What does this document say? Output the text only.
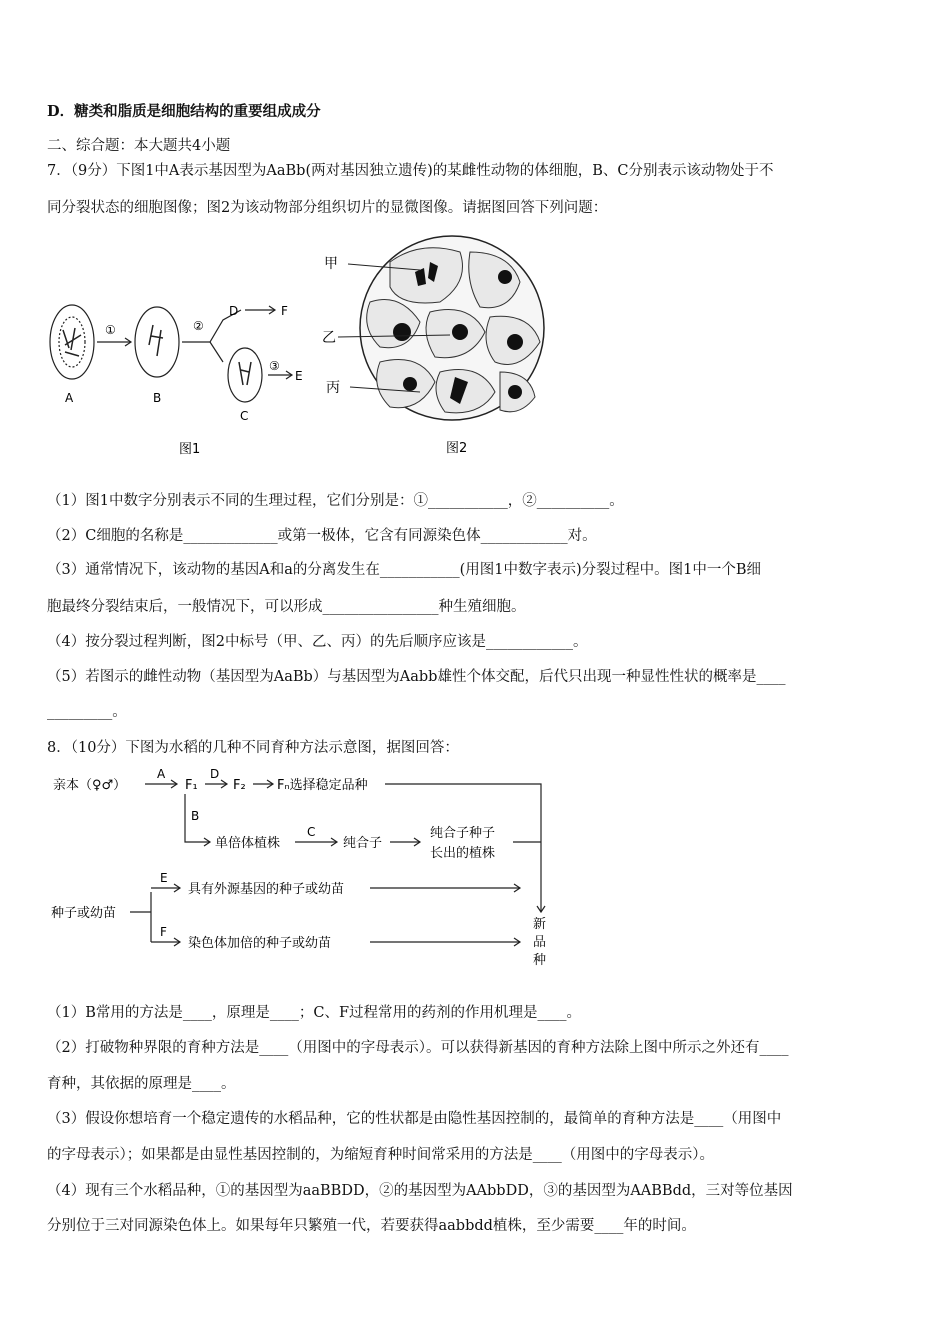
D．糖类和脂质是细胞结构的重要组成成分
二、综合题：本大题共4小题
7．（9分）下图1中A表示基因型为AaBb(两对基因独立遗传)的某雌性动物的体细胞，B、C分别表示该动物处于不
同分裂状态的细胞图像；图2为该动物部分组织切片的显微图像。请据图回答下列问题：
A	B
C
D	F
E
①	②
③
图1
甲
乙
丙
图2
（1）图1中数字分别表示不同的生理过程，它们分别是：①___________，②__________。
（2）C细胞的名称是_____________或第一极体，它含有同源染色体____________对。
（3）通常情况下，该动物的基因A和a的分离发生在___________(用图1中数字表示)分裂过程中。图1中一个B细
胞最终分裂结束后，一般情况下，可以形成________________种生殖细胞。
（4）按分裂过程判断，图2中标号（甲、乙、丙）的先后顺序应该是____________。
（5）若图示的雌性动物（基因型为AaBb）与基因型为Aabb雄性个体交配，后代只出现一种显性性状的概率是____
_________。
8．（10分）下图为水稻的几种不同育种方法示意图，据图回答：
亲本（♀♂）
A
F₁
D
F₂ Fₙ选择稳定品种
B
单倍体植株
C
纯合子
纯合子种子
长出的植株
种子或幼苗
E
具有外源基因的种子或幼苗
F
染色体加倍的种子或幼苗
新
品
种
（1）B常用的方法是____，原理是____；C、F过程常用的药剂的作用机理是____。
（2）打破物种界限的育种方法是____（用图中的字母表示）。可以获得新基因的育种方法除上图中所示之外还有____
育种，其依据的原理是____。
（3）假设你想培育一个稳定遗传的水稻品种，它的性状都是由隐性基因控制的，最简单的育种方法是____（用图中
的字母表示）；如果都是由显性基因控制的，为缩短育种时间常采用的方法是____（用图中的字母表示）。
（4）现有三个水稻品种，①的基因型为aaBBDD，②的基因型为AAbbDD，③的基因型为AABBdd，三对等位基因
分别位于三对同源染色体上。如果每年只繁殖一代，若要获得aabbdd植株，至少需要____年的时间。
